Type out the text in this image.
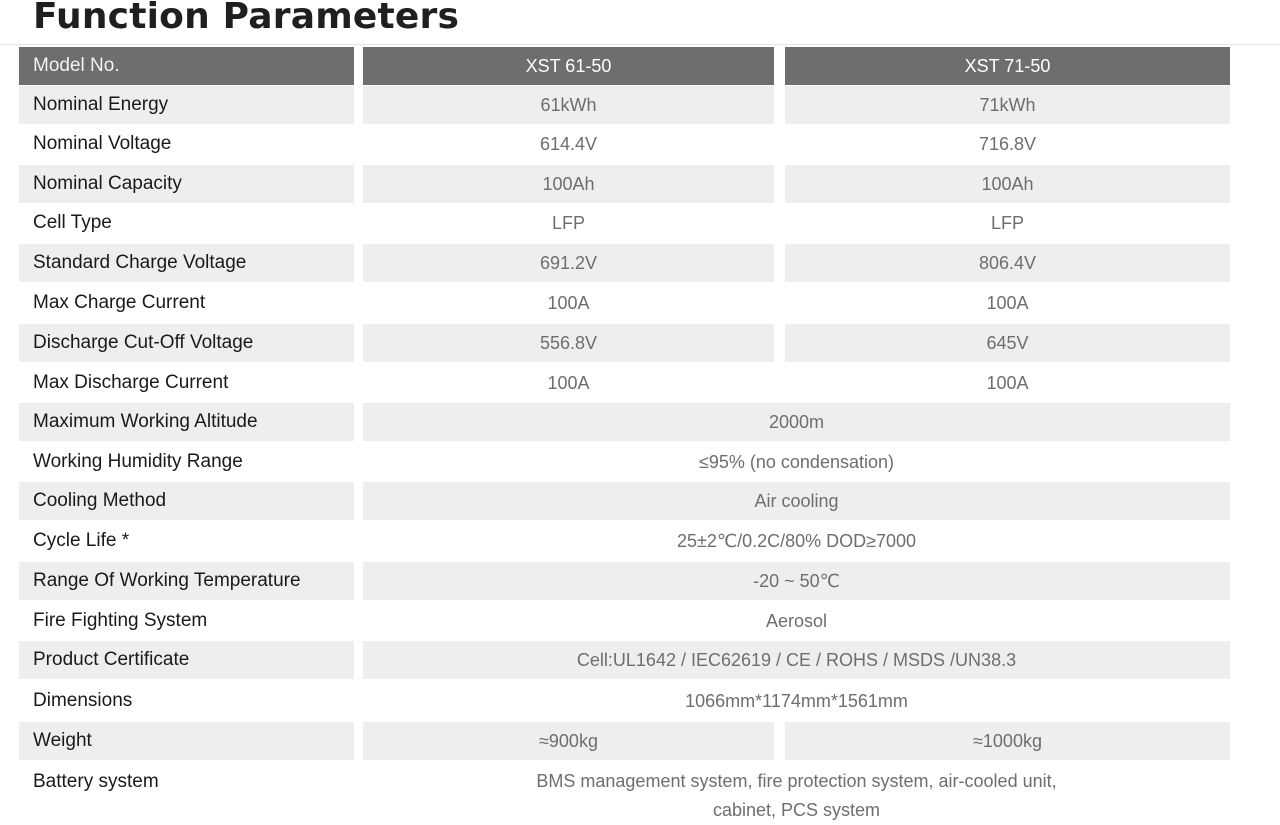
Function Parameters
Model No.	XST 61-50	XST 71-50
Nominal Energy	61kWh	71kWh
Nominal Voltage	614.4V	716.8V
Nominal Capacity	100Ah	100Ah
Cell Type	LFP	LFP
Standard Charge Voltage	691.2V	806.4V
Max Charge Current	100A	100A
Discharge Cut-Off Voltage	556.8V	645V
Max Discharge Current	100A	100A
Maximum Working Altitude	2000m
Working Humidity Range	≤95% (no condensation)
Cooling Method	Air cooling
Cycle Life *	25±2℃/0.2C/80% DOD≥7000
Range Of Working Temperature	-20 ~ 50℃
Fire Fighting System	Aerosol
Product Certificate	Cell:UL1642 / IEC62619 / CE / ROHS / MSDS /UN38.3
Dimensions	1066mm*1174mm*1561mm
Weight	≈900kg	≈1000kg
Battery system	BMS management system, fire protection system, air-cooled unit,
cabinet, PCS system
